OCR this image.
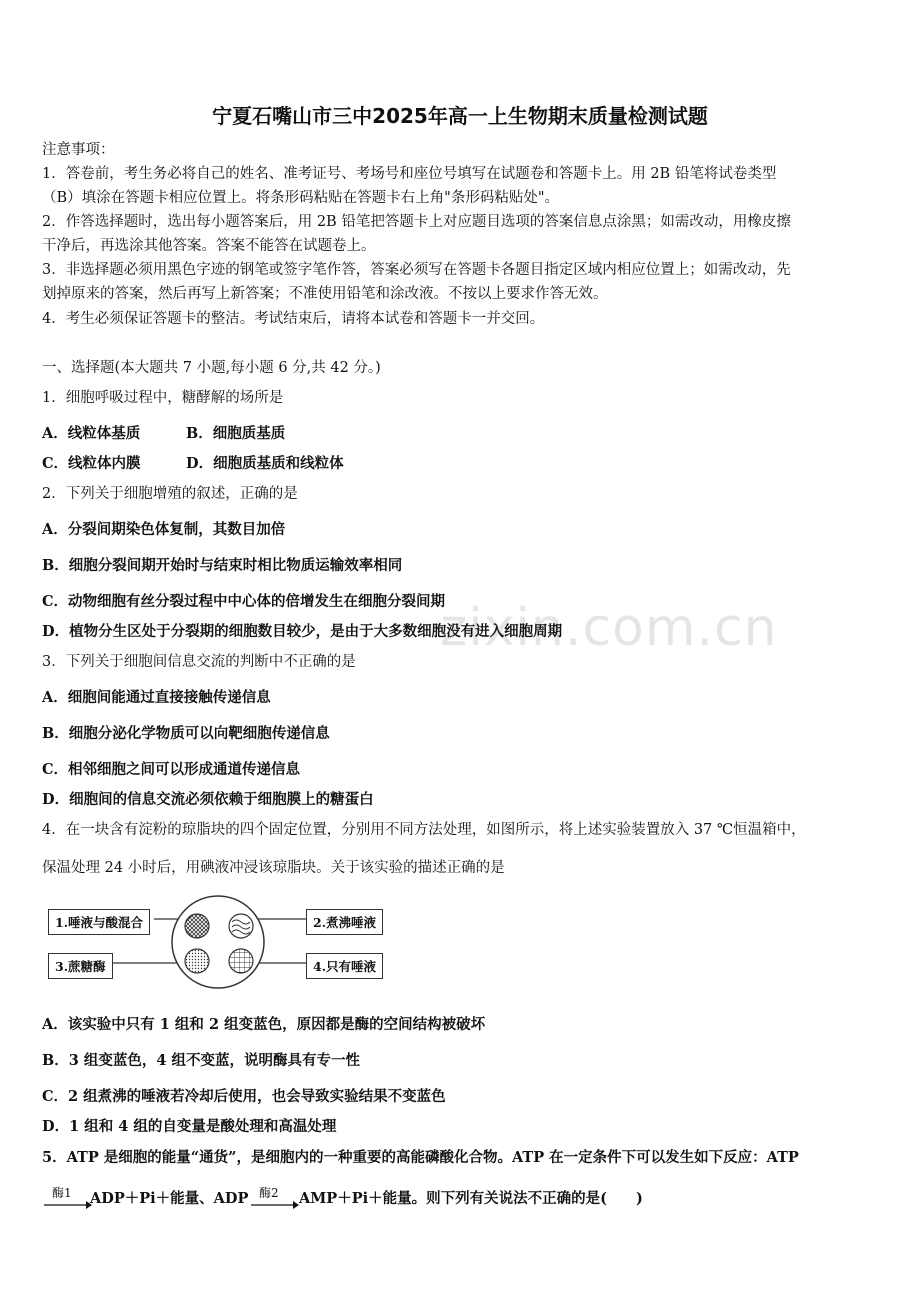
zixin.com.cn
宁夏石嘴山市三中2025年高一上生物期末质量检测试题
注意事项：
1．答卷前，考生务必将自己的姓名、准考证号、考场号和座位号填写在试题卷和答题卡上。用 2B 铅笔将试卷类型
（B）填涂在答题卡相应位置上。将条形码粘贴在答题卡右上角"条形码粘贴处"。
2．作答选择题时，选出每小题答案后，用 2B 铅笔把答题卡上对应题目选项的答案信息点涂黑；如需改动，用橡皮擦
干净后，再选涂其他答案。答案不能答在试题卷上。
3．非选择题必须用黑色字迹的钢笔或签字笔作答，答案必须写在答题卡各题目指定区域内相应位置上；如需改动，先
划掉原来的答案，然后再写上新答案；不准使用铅笔和涂改液。不按以上要求作答无效。
4．考生必须保证答题卡的整洁。考试结束后，请将本试卷和答题卡一并交回。
一、选择题(本大题共 7 小题,每小题 6 分,共 42 分。)
1．细胞呼吸过程中，糖酵解的场所是
A．线粒体基质	B．细胞质基质
C．线粒体内膜	D．细胞质基质和线粒体
2．下列关于细胞增殖的叙述，正确的是
A．分裂间期染色体复制，其数目加倍
B．细胞分裂间期开始时与结束时相比物质运输效率相同
C．动物细胞有丝分裂过程中中心体的倍增发生在细胞分裂间期
D．植物分生区处于分裂期的细胞数目较少，是由于大多数细胞没有进入细胞周期
3．下列关于细胞间信息交流的判断中不正确的是
A．细胞间能通过直接接触传递信息
B．细胞分泌化学物质可以向靶细胞传递信息
C．相邻细胞之间可以形成通道传递信息
D．细胞间的信息交流必须依赖于细胞膜上的糖蛋白
4．在一块含有淀粉的琼脂块的四个固定位置，分别用不同方法处理，如图所示，将上述实验装置放入 37 ℃恒温箱中，
保温处理 24 小时后，用碘液冲浸该琼脂块。关于该实验的描述正确的是
1.唾液与酸混合	2.煮沸唾液
3.蔗糖酶	4.只有唾液
A．该实验中只有 1 组和 2 组变蓝色，原因都是酶的空间结构被破坏
B．3 组变蓝色，4 组不变蓝，说明酶具有专一性
C．2 组煮沸的唾液若冷却后使用，也会导致实验结果不变蓝色
D．1 组和 4 组的自变量是酸处理和高温处理
5．ATP 是细胞的能量“通货”，是细胞内的一种重要的高能磷酸化合物。ATP 在一定条件下可以发生如下反应：ATP
酶1 ADP＋Pi＋能量、ADP 酶2 AMP＋Pi＋能量。则下列有关说法不正确的是(　　)
